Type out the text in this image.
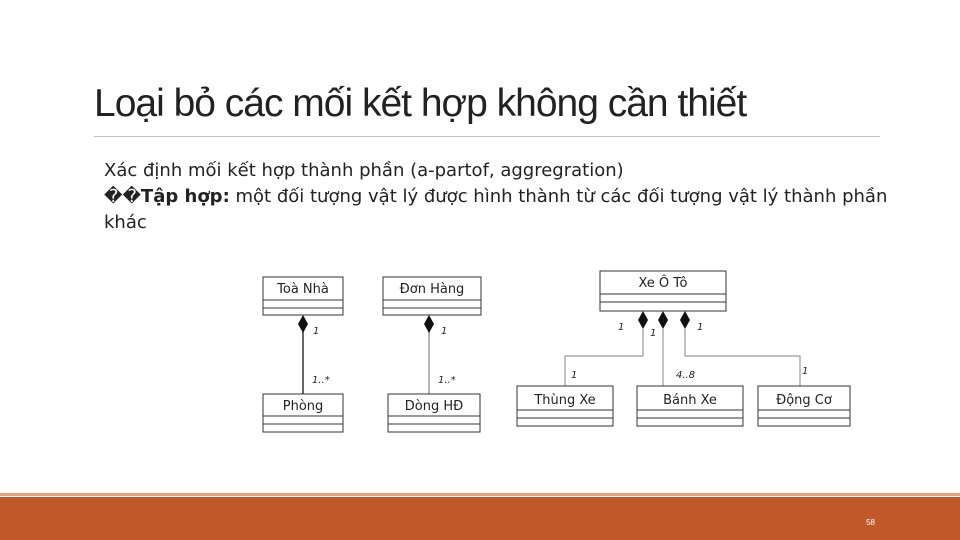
Loại bỏ các mối kết hợp không cần thiết

Xác định mối kết hợp thành phần (a-partof, aggregration)

��Tập hợp: một đối tượng vật lý được hình thành từ các đối tượng vật lý thành phần khác

Toà Nhà
1
1..*
Phòng
Đơn Hàng
1
1..*
Dòng HĐ
Xe Ô Tô
1
1
1
1	4..8	1
Thùng Xe	Bánh Xe	Động Cơ
58
